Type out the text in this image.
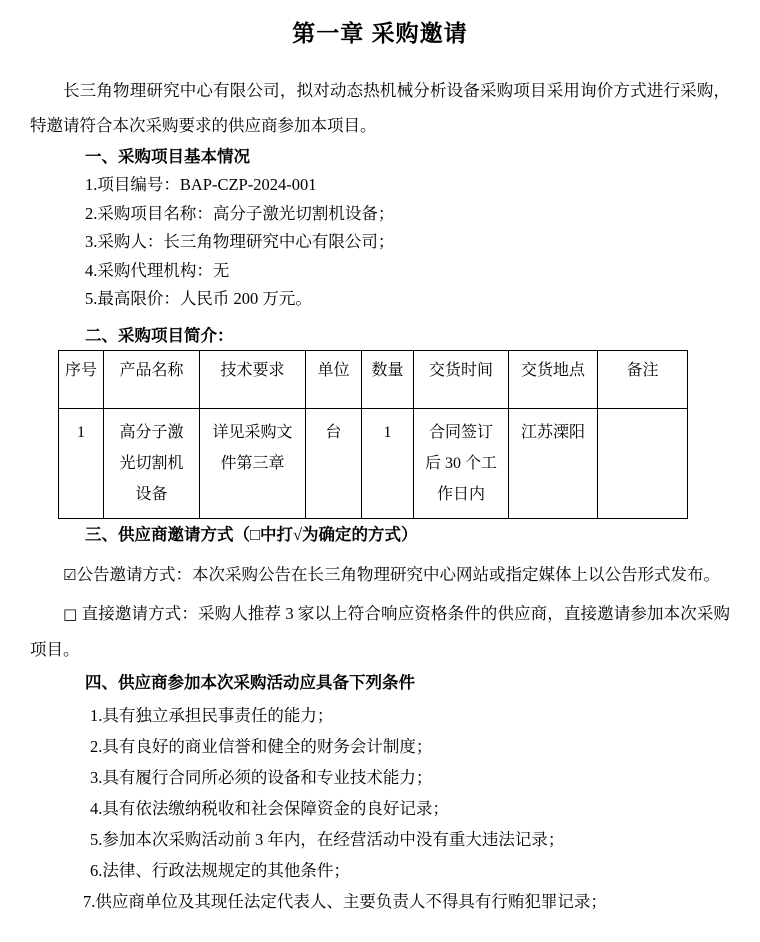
第一章 采购邀请

长三角物理研究中心有限公司，拟对动态热机械分析设备采购项目采用询价方式进行采购，特邀请符合本次采购要求的供应商参加本项目。

一、采购项目基本情况

1.项目编号：BAP-CZP-2024-001

2.采购项目名称：高分子激光切割机设备；

3.采购人：长三角物理研究中心有限公司；

4.采购代理机构：无

5.最高限价：人民币 200 万元。

二、采购项目简介：
序号	产品名称	技术要求	单位	数量	交货时间	交货地点	备注
1	高分子激光切割机设备	详见采购文件第三章	台	1	合同签订后 30 个工作日内	江苏溧阳	
三、供应商邀请方式（□中打√为确定的方式）

☑公告邀请方式：本次采购公告在长三角物理研究中心网站或指定媒体上以公告形式发布。

□ 直接邀请方式：采购人推荐 3 家以上符合响应资格条件的供应商，直接邀请参加本次采购项目。

四、供应商参加本次采购活动应具备下列条件

1.具有独立承担民事责任的能力；

2.具有良好的商业信誉和健全的财务会计制度；

3.具有履行合同所必须的设备和专业技术能力；

4.具有依法缴纳税收和社会保障资金的良好记录；

5.参加本次采购活动前 3 年内，在经营活动中没有重大违法记录；

6.法律、行政法规规定的其他条件；

7.供应商单位及其现任法定代表人、主要负责人不得具有行贿犯罪记录；
